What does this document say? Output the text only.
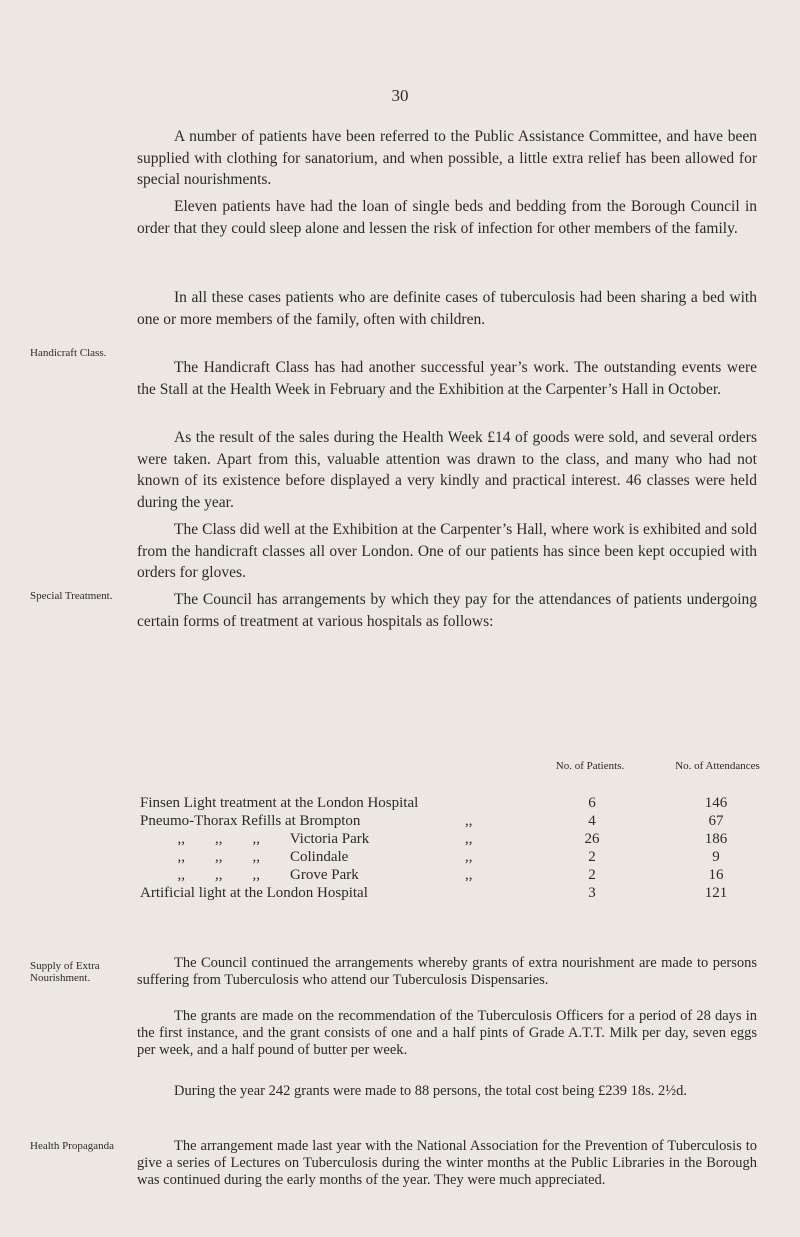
30

A number of patients have been referred to the Public Assistance Committee, and have been supplied with clothing for sanatorium, and when possible, a little extra relief has been allowed for special nourishments.

Eleven patients have had the loan of single beds and bedding from the Borough Council in order that they could sleep alone and lessen the risk of infection for other members of the family.

In all these cases patients who are definite cases of tuberculosis had been sharing a bed with one or more members of the family, often with children.

Handicraft Class.

The Handicraft Class has had another successful year’s work. The outstanding events were the Stall at the Health Week in February and the Exhibition at the Carpenter’s Hall in October.

As the result of the sales during the Health Week £14 of goods were sold, and several orders were taken. Apart from this, valuable attention was drawn to the class, and many who had not known of its existence before displayed a very kindly and practical interest. 46 classes were held during the year.

The Class did well at the Exhibition at the Carpenter’s Hall, where work is exhibited and sold from the handicraft classes all over London. One of our patients has since been kept occupied with orders for gloves.

Special Treatment.	The Council has arrangements by which they pay for the attendances of patients undergoing certain forms of treatment at various hospitals as follows:

No. of Patients.	No. of Attendances
Finsen Light treatment at the London Hospital	6	146
Pneumo-Thorax Refills at Brompton	,,	4	67
,,        ,,        ,,        Victoria Park	,,	26	186
,,        ,,        ,,        Colindale	,,	2	9
,,        ,,        ,,        Grove Park	,,	2	16
Artificial light at the London Hospital	3	121
Supply of Extra Nourishment.

The Council continued the arrangements whereby grants of extra nourishment are made to persons suffering from Tuberculosis who attend our Tuberculosis Dispensaries.

The grants are made on the recommendation of the Tuberculosis Officers for a period of 28 days in the first instance, and the grant consists of one and a half pints of Grade A.T.T. Milk per day, seven eggs per week, and a half pound of butter per week.

During the year 242 grants were made to 88 persons, the total cost being £239 18s. 2½d.

Health Propaganda	The arrangement made last year with the National Association for the Prevention of Tuberculosis to give a series of Lectures on Tuberculosis during the winter months at the Public Libraries in the Borough was continued during the early months of the year. They were much appreciated.
